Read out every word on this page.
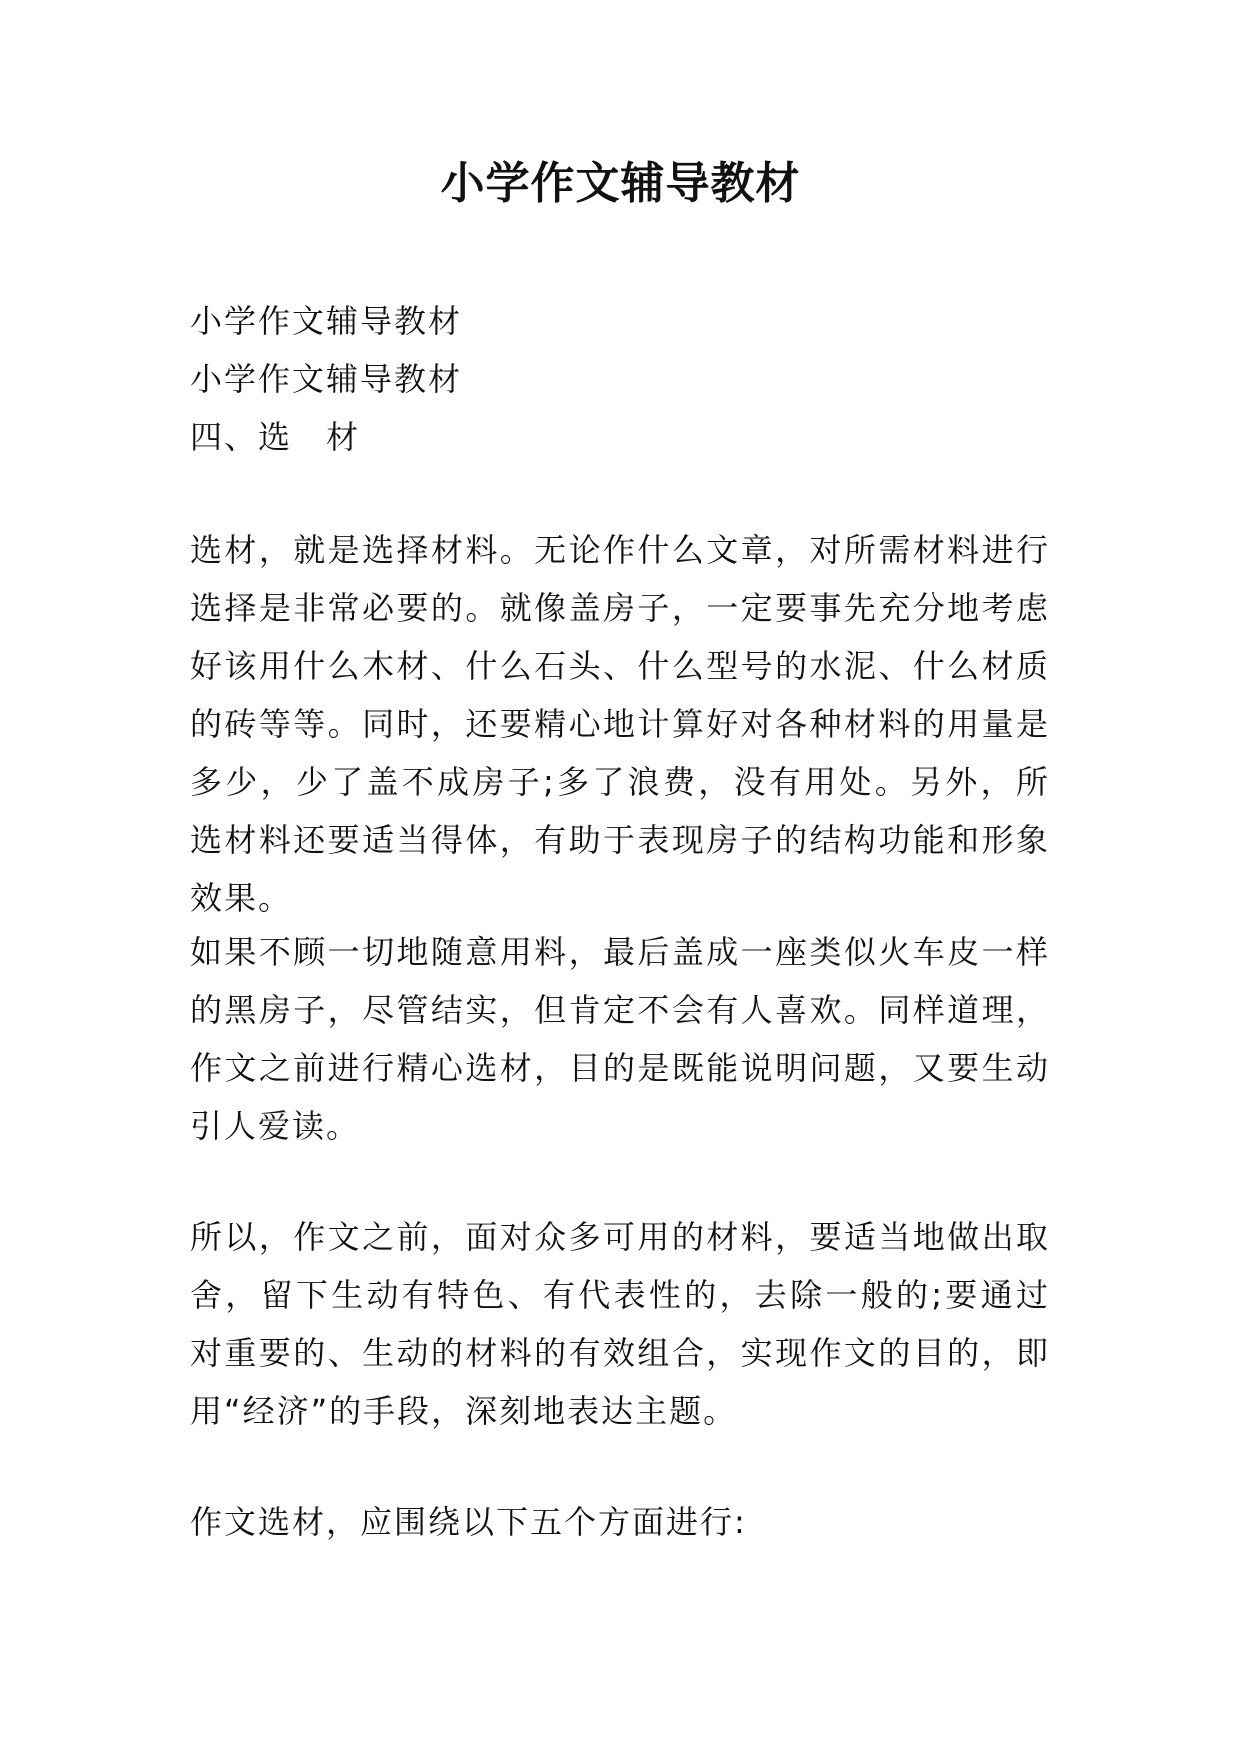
小学作文辅导教材
小学作文辅导教材
小学作文辅导教材
四、选　材

选材，就是选择材料。无论作什么文章，对所需材料进行选择是非常必要的。就像盖房子，一定要事先充分地考虑好该用什么木材、什么石头、什么型号的水泥、什么材质的砖等等。同时，还要精心地计算好对各种材料的用量是多少，少了盖不成房子;多了浪费，没有用处。另外，所选材料还要适当得体，有助于表现房子的结构功能和形象效果。

如果不顾一切地随意用料，最后盖成一座类似火车皮一样的黑房子，尽管结实，但肯定不会有人喜欢。同样道理，作文之前进行精心选材，目的是既能说明问题，又要生动引人爱读。

所以，作文之前，面对众多可用的材料，要适当地做出取舍，留下生动有特色、有代表性的，去除一般的;要通过对重要的、生动的材料的有效组合，实现作文的目的，即用“经济”的手段，深刻地表达主题。

作文选材，应围绕以下五个方面进行:
